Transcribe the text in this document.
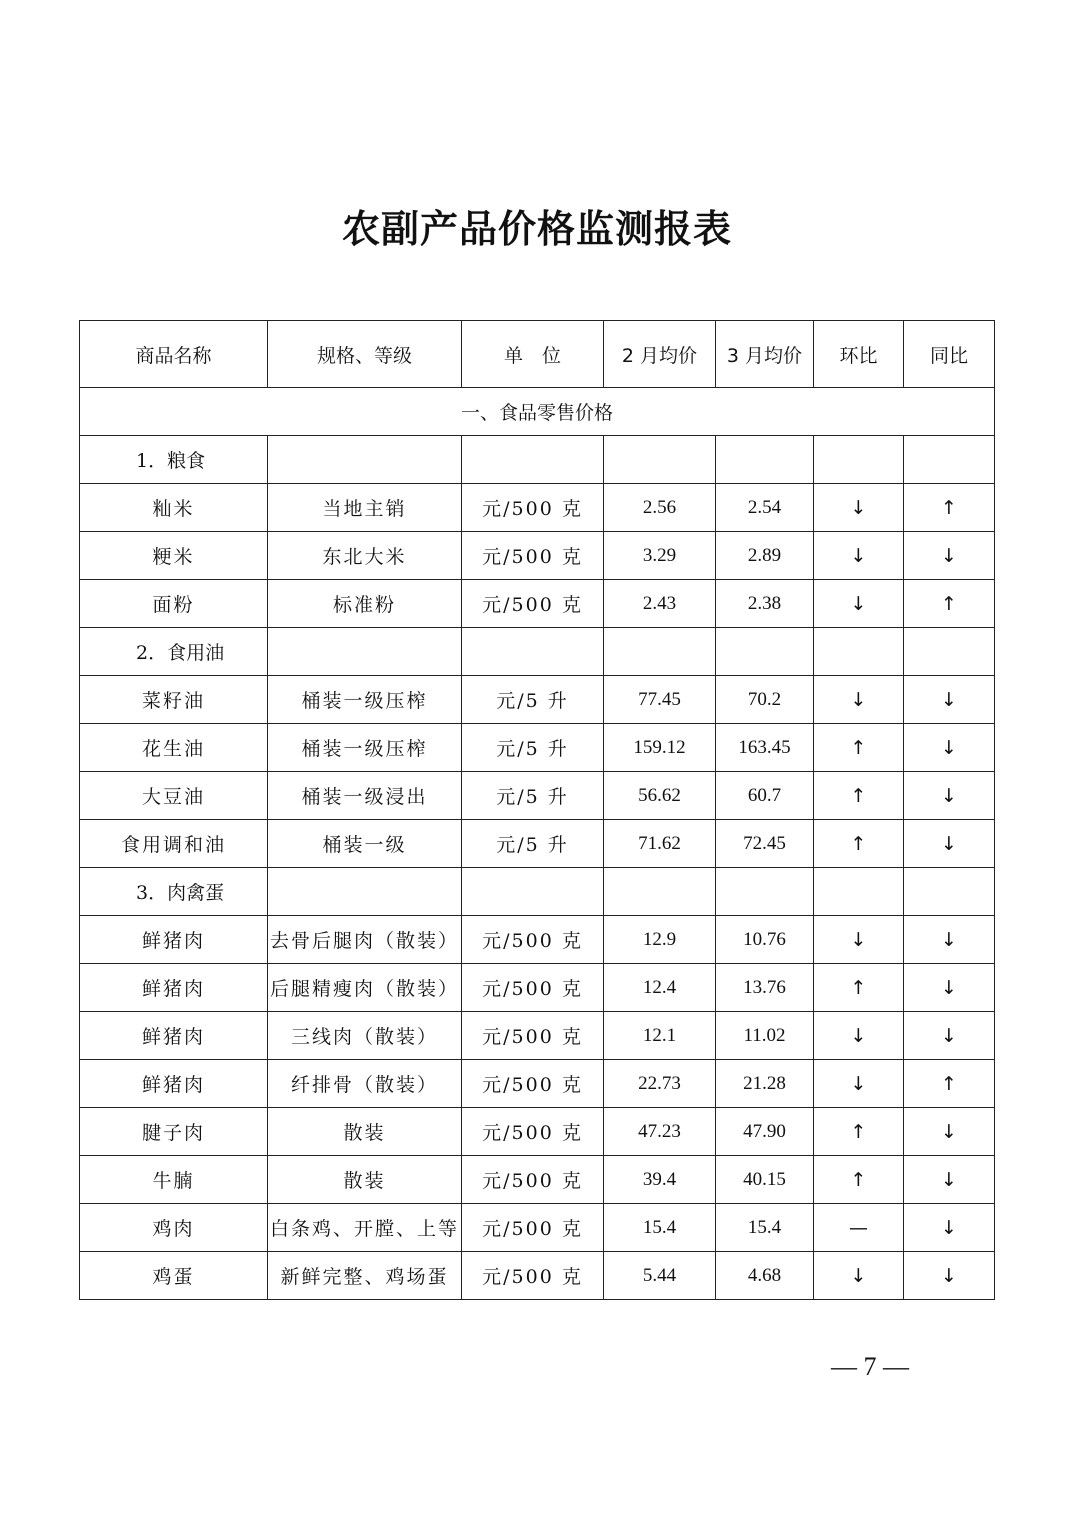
农副产品价格监测报表
商品名称	规格、等级	单　位	2 月均价	3 月均价	环比	同比
一、食品零售价格						
1．粮食						
籼米	当地主销	元/500 克	2.56	2.54	↓	↑
粳米	东北大米	元/500 克	3.29	2.89	↓	↓
面粉	标准粉	元/500 克	2.43	2.38	↓	↑
2．食用油						
菜籽油	桶装一级压榨	元/5 升	77.45	70.2	↓	↓
花生油	桶装一级压榨	元/5 升	159.12	163.45	↑	↓
大豆油	桶装一级浸出	元/5 升	56.62	60.7	↑	↓
食用调和油	桶装一级	元/5 升	71.62	72.45	↑	↓
3．肉禽蛋						
鲜猪肉	去骨后腿肉（散装）	元/500 克	12.9	10.76	↓	↓
鲜猪肉	后腿精瘦肉（散装）	元/500 克	12.4	13.76	↑	↓
鲜猪肉	三线肉（散装）	元/500 克	12.1	11.02	↓	↓
鲜猪肉	纤排骨（散装）	元/500 克	22.73	21.28	↓	↑
腱子肉	散装	元/500 克	47.23	47.90	↑	↓
牛腩	散装	元/500 克	39.4	40.15	↑	↓
鸡肉	白条鸡、开膛、上等	元/500 克	15.4	15.4	—	↓
鸡蛋	新鲜完整、鸡场蛋	元/500 克	5.44	4.68	↓	↓
— 7 —
